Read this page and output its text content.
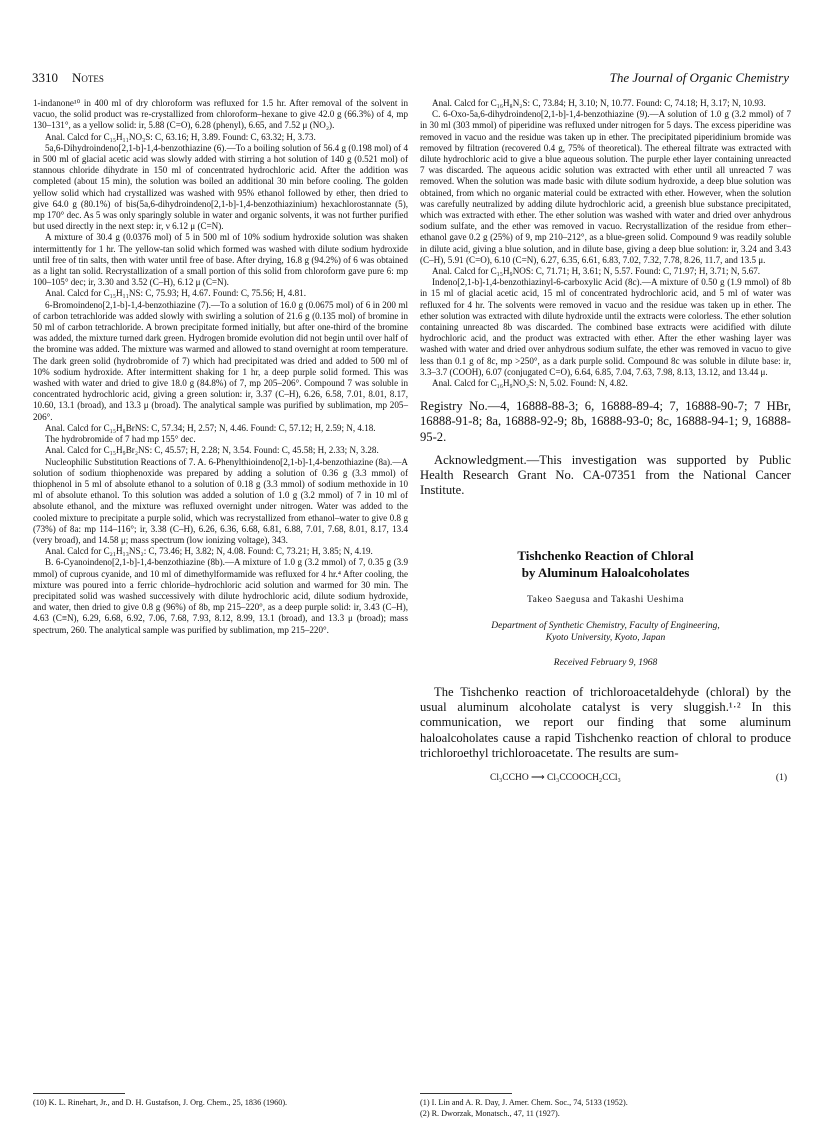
3310 Notes	The Journal of Organic Chemistry

1-indanone¹⁰ in 400 ml of dry chloroform was refluxed for 1.5 hr. After removal of the solvent in vacuo, the solid product was re-crystallized from chloroform–hexane to give 42.0 g (66.3%) of 4, mp 130–131°, as a yellow solid: ir, 5.88 (C=O), 6.28 (phenyl), 6.65, and 7.52 μ (NO₂).

Anal. Calcd for C₁₅H₁₁NO₃S: C, 63.16; H, 3.89. Found: C, 63.32; H, 3.73.

5a,6-Dihydroindeno[2,1-b]-1,4-benzothiazine (6).—To a boiling solution of 56.4 g (0.198 mol) of 4 in 500 ml of glacial acetic acid was slowly added with stirring a hot solution of 140 g (0.521 mol) of stannous chloride dihydrate in 150 ml of concentrated hydrochloric acid. After the addition was completed (about 15 min), the solution was boiled an additional 30 min before cooling. The golden yellow solid which had crystallized was washed with 95% ethanol followed by ether, then dried to give 64.0 g (80.1%) of bis(5a,6-dihydroindeno[2,1-b]-1,4-benzothiazinium) hexachlorostannate (5), mp 170° dec. As 5 was only sparingly soluble in water and organic solvents, it was not further purified but used directly in the next step: ir, ν 6.12 μ (C=N).

A mixture of 30.4 g (0.0376 mol) of 5 in 500 ml of 10% sodium hydroxide solution was shaken intermittently for 1 hr. The yellow-tan solid which formed was washed with dilute sodium hydroxide until free of tin salts, then with water until free of base. After drying, 16.8 g (94.2%) of 6 was obtained as a light tan solid. Recrystallization of a small portion of this solid from chloroform gave pure 6: mp 100–105° dec; ir, 3.30 and 3.52 (C–H), 6.12 μ (C=N).

Anal. Calcd for C₁₅H₁₁NS: C, 75.93; H, 4.67. Found: C, 75.56; H, 4.81.

6-Bromoindeno[2,1-b]-1,4-benzothiazine (7).—To a solution of 16.0 g (0.0675 mol) of 6 in 200 ml of carbon tetrachloride was added slowly with swirling a solution of 21.6 g (0.135 mol) of bromine in 50 ml of carbon tetrachloride. A brown precipitate formed initially, but after one-third of the bromine was added, the mixture turned dark green. Hydrogen bromide evolution did not begin until over half of the bromine was added. The mixture was warmed and allowed to stand overnight at room temperature. The dark green solid (hydrobromide of 7) which had precipitated was dried and added to 500 ml of 10% sodium hydroxide. After intermittent shaking for 1 hr, a deep purple solid formed. This was washed with water and dried to give 18.0 g (84.8%) of 7, mp 205–206°. Compound 7 was soluble in concentrated hydrochloric acid, giving a green solution: ir, 3.37 (C–H), 6.26, 6.58, 7.01, 8.01, 8.17, 10.60, 13.1 (broad), and 13.3 μ (broad). The analytical sample was purified by sublimation, mp 205–206°.

Anal. Calcd for C₁₅H₈BrNS: C, 57.34; H, 2.57; N, 4.46. Found: C, 57.12; H, 2.59; N, 4.18.

The hydrobromide of 7 had mp 155° dec.

Anal. Calcd for C₁₅H₉Br₂NS: C, 45.57; H, 2.28; N, 3.54. Found: C, 45.58; H, 2.33; N, 3.28.

Nucleophilic Substitution Reactions of 7. A. 6-Phenylthioindeno[2,1-b]-1,4-benzothiazine (8a).—A solution of sodium thiophenoxide was prepared by adding a solution of 0.36 g (3.3 mmol) of thiophenol in 5 ml of absolute ethanol to a solution of 0.18 g (3.3 mmol) of sodium methoxide in 10 ml of absolute ethanol. To this solution was added a solution of 1.0 g (3.2 mmol) of 7 in 10 ml of absolute ethanol, and the mixture was refluxed overnight under nitrogen. Water was added to the cooled mixture to precipitate a purple solid, which was recrystallized from ethanol–water to give 0.8 g (73%) of 8a: mp 114–116°; ir, 3.38 (C–H), 6.26, 6.36, 6.68, 6.81, 6.88, 7.01, 7.68, 8.01, 8.17, 13.4 (very broad), and 14.58 μ; mass spectrum (low ionizing voltage), 343.

Anal. Calcd for C₂₁H₁₃NS₂: C, 73.46; H, 3.82; N, 4.08. Found: C, 73.21; H, 3.85; N, 4.19.

B. 6-Cyanoindeno[2,1-b]-1,4-benzothiazine (8b).—A mixture of 1.0 g (3.2 mmol) of 7, 0.35 g (3.9 mmol) of cuprous cyanide, and 10 ml of dimethylformamide was refluxed for 4 hr.⁴ After cooling, the mixture was poured into a ferric chloride–hydrochloric acid solution and warmed for 30 min. The precipitated solid was washed successively with dilute hydrochloric acid, dilute sodium hydroxide, and water, then dried to give 0.8 g (96%) of 8b, mp 215–220°, as a deep purple solid: ir, 3.43 (C–H), 4.63 (C≡N), 6.29, 6.68, 6.92, 7.06, 7.68, 7.93, 8.12, 8.99, 13.1 (broad), and 13.3 μ (broad); mass spectrum, 260. The analytical sample was purified by sublimation, mp 215–220°.

(10) K. L. Rinehart, Jr., and D. H. Gustafson, J. Org. Chem., 25, 1836 (1960).

Anal. Calcd for C₁₆H₈N₂S: C, 73.84; H, 3.10; N, 10.77. Found: C, 74.18; H, 3.17; N, 10.93.

C. 6-Oxo-5a,6-dihydroindeno[2,1-b]-1,4-benzothiazine (9).—A solution of 1.0 g (3.2 mmol) of 7 in 30 ml (303 mmol) of piperidine was refluxed under nitrogen for 5 days. The excess piperidine was removed in vacuo and the residue was taken up in ether. The precipitated piperidinium bromide was removed by filtration (recovered 0.4 g, 75% of theoretical). The ethereal filtrate was extracted with dilute hydrochloric acid to give a blue aqueous solution. The purple ether layer containing unreacted 7 was discarded. The aqueous acidic solution was extracted with ether until all unreacted 7 was removed. When the solution was made basic with dilute sodium hydroxide, a deep blue solution was obtained, from which no organic material could be extracted with ether. However, when the solution was carefully neutralized by adding dilute hydrochloric acid, a greenish blue substance precipitated, which was extracted with ether. The ether solution was washed with water and dried over anhydrous sodium sulfate, and the ether was removed in vacuo. Recrystallization of the residue from ether–ethanol gave 0.2 g (25%) of 9, mp 210–212°, as a blue-green solid. Compound 9 was readily soluble in dilute acid, giving a blue solution, and in dilute base, giving a deep blue solution: ir, 3.24 and 3.43 (C–H), 5.91 (C=O), 6.10 (C=N), 6.27, 6.35, 6.61, 6.83, 7.02, 7.32, 7.78, 8.26, 11.7, and 13.5 μ.

Anal. Calcd for C₁₅H₉NOS: C, 71.71; H, 3.61; N, 5.57. Found: C, 71.97; H, 3.71; N, 5.67.

Indeno[2,1-b]-1,4-benzothiazinyl-6-carboxylic Acid (8c).—A mixture of 0.50 g (1.9 mmol) of 8b in 15 ml of glacial acetic acid, 15 ml of concentrated hydrochloric acid, and 5 ml of water was refluxed for 4 hr. The solvents were removed in vacuo and the residue was taken up in ether. The ether solution was extracted with dilute hydroxide until the extracts were colorless. The ether solution containing unreacted 8b was discarded. The combined base extracts were acidified with dilute hydrochloric acid, and the product was extracted with ether. After the ether washing layer was washed with water and dried over anhydrous sodium sulfate, the ether was removed in vacuo to give less than 0.1 g of 8c, mp >250°, as a dark purple solid. Compound 8c was soluble in dilute base: ir, 3.3–3.7 (COOH), 6.07 (conjugated C=O), 6.64, 6.85, 7.04, 7.63, 7.98, 8.13, 13.12, and 13.44 μ.

Anal. Calcd for C₁₆H₉NO₂S: N, 5.02. Found: N, 4.82.

Registry No.—4, 16888-88-3; 6, 16888-89-4; 7, 16888-90-7; 7 HBr, 16888-91-8; 8a, 16888-92-9; 8b, 16888-93-0; 8c, 16888-94-1; 9, 16888-95-2.

Acknowledgment.—This investigation was supported by Public Health Research Grant No. CA-07351 from the National Cancer Institute.

Tishchenko Reaction of Chloral
by Aluminum Haloalcoholates
Takeo Saegusa and Takashi Ueshima
Department of Synthetic Chemistry, Faculty of Engineering,
Kyoto University, Kyoto, Japan
Received February 9, 1968

The Tishchenko reaction of trichloroacetaldehyde (chloral) by the usual aluminum alcoholate catalyst is very sluggish.¹·² In this communication, we report our finding that some aluminum haloalcoholates cause a rapid Tishchenko reaction of chloral to produce trichloroethyl trichloroacetate. The results are sum-

Cl₃CCHO ⟶ Cl₃CCOOCH₂CCl₃	(1)
(1) I. Lin and A. R. Day, J. Amer. Chem. Soc., 74, 5133 (1952).
(2) R. Dworzak, Monatsch., 47, 11 (1927).
